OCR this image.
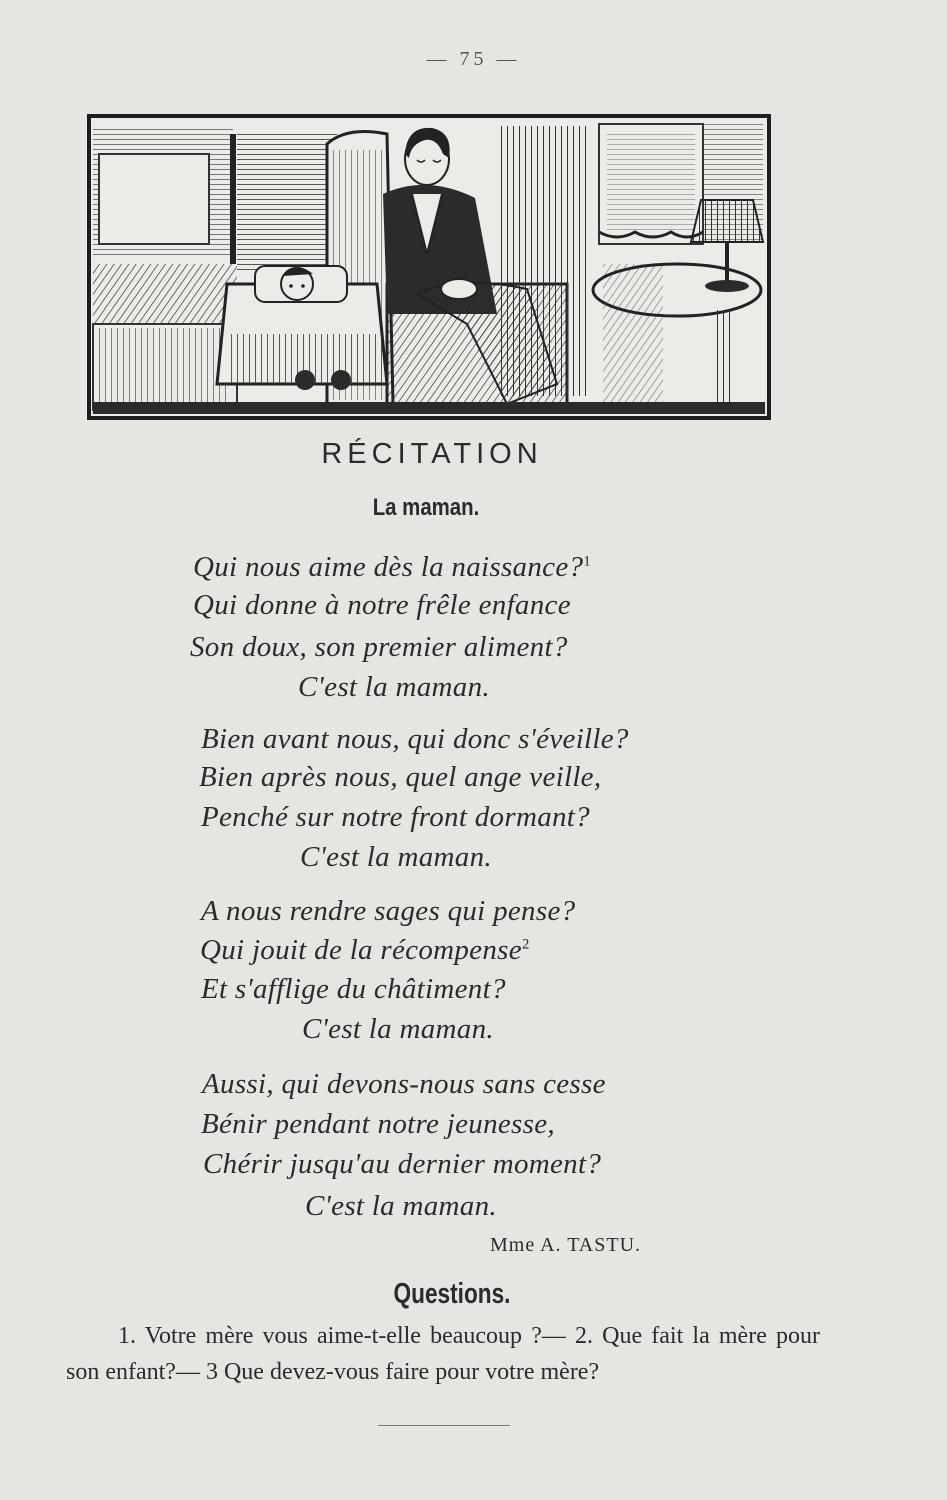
— 75 —
RÉCITATION
La maman.
Qui nous aime dès la naissance?$^1$
Qui donne à notre frêle enfance
Son doux, son premier aliment?
C'est la maman.
Bien avant nous, qui donc s'éveille?
Bien après nous, quel ange veille,
Penché sur notre front dormant?
C'est la maman.
A nous rendre sages qui pense?
Qui jouit de la récompense$^2$
Et s'afflige du châtiment?
C'est la maman.
Aussi, qui devons-nous sans cesse
Bénir pendant notre jeunesse,
Chérir jusqu'au dernier moment?
C'est la maman.
Mme A. TASTU.
Questions.

1. Votre mère vous aime-t-elle beaucoup ?— 2. Que fait la mère pour son enfant?— 3 Que devez-vous faire pour votre mère?
